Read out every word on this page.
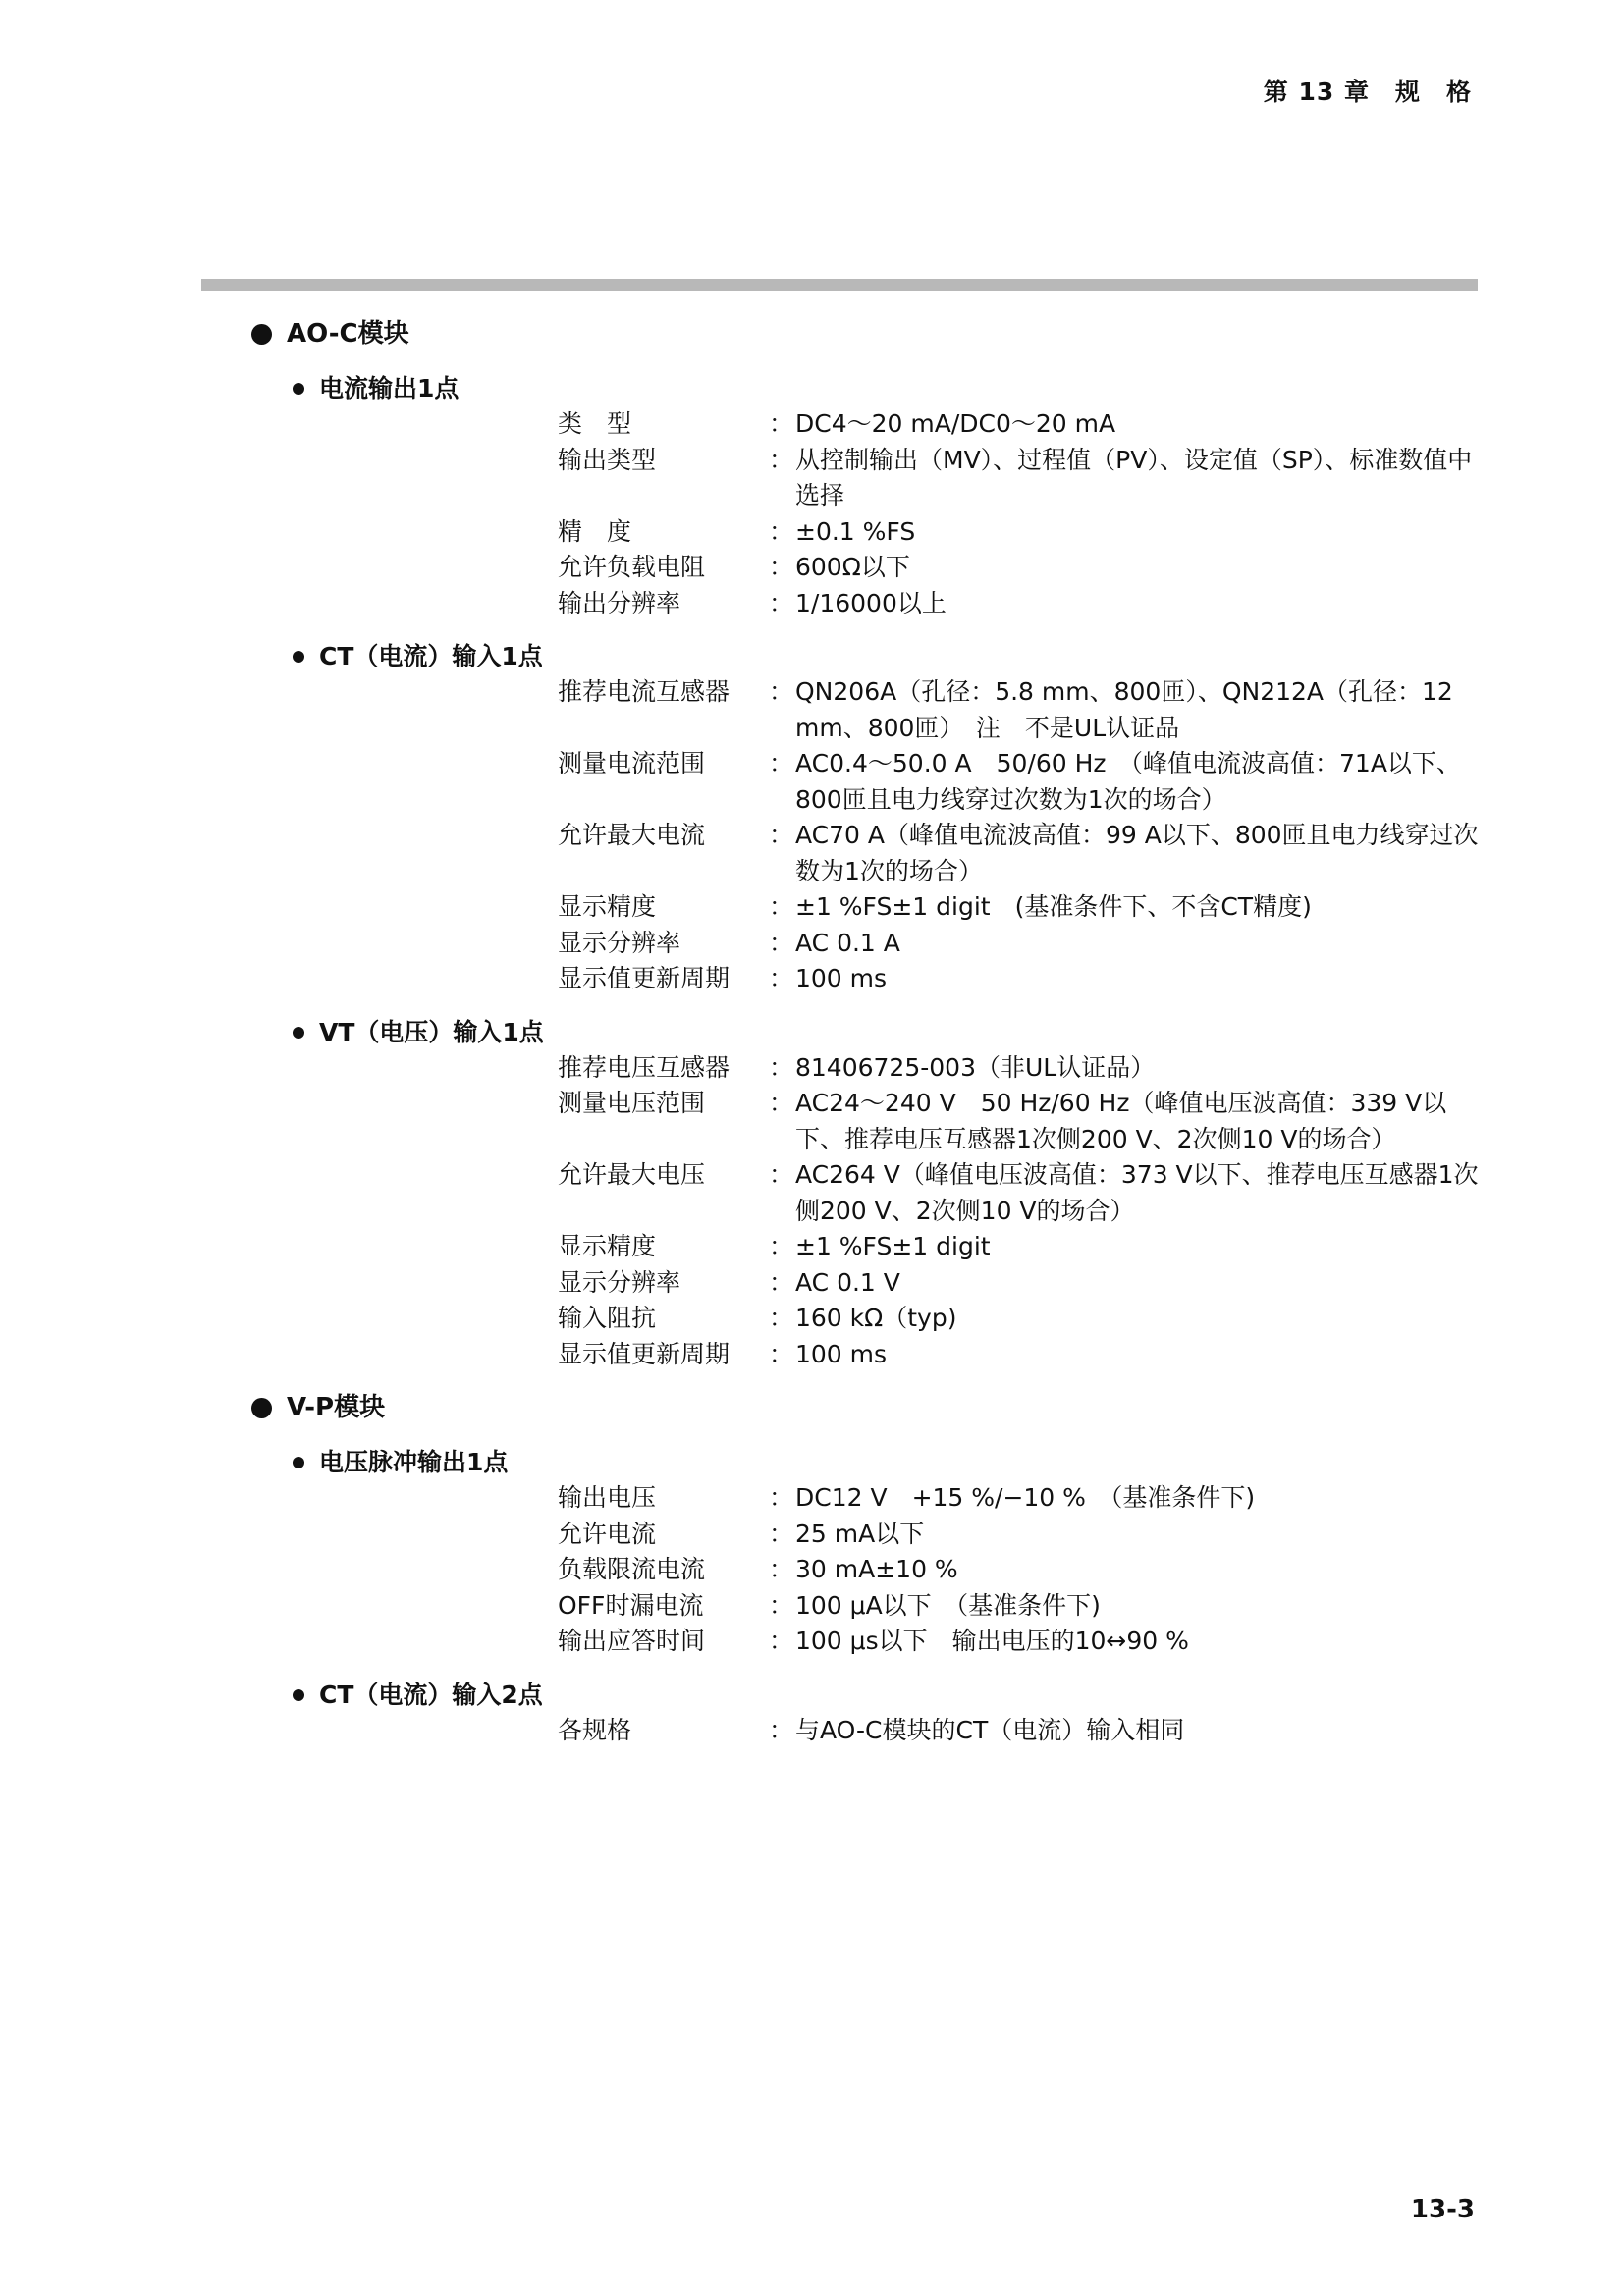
第 13 章　规　格
AO-C模块
电流输出1点
类　型	： DC4～20 mA/DC0～20 mA
输出类型	： 从控制输出（MV）、过程值（PV）、设定值（SP）、标准数值中选择
精　度	： ±0.1 %FS
允许负载电阻	： 600Ω以下
输出分辨率	： 1/16000以上
CT（电流）输入1点
推荐电流互感器 ： QN206A（孔径：5.8 mm、800匝）、QN212A（孔径：12 mm、800匝）　注　不是UL认证品
测量电流范围	： AC0.4～50.0 A　50/60 Hz　（峰值电流波高值：71A以下、800匝且电力线穿过次数为1次的场合）
允许最大电流	： AC70 A（峰值电流波高值：99 A以下、800匝且电力线穿过次数为1次的场合）
显示精度	： ±1 %FS±1 digit　(基准条件下、不含CT精度)
显示分辨率	： AC 0.1 A
显示值更新周期 ： 100 ms
VT（电压）输入1点
推荐电压互感器 ： 81406725-003（非UL认证品）
测量电压范围	： AC24～240 V　50 Hz/60 Hz（峰值电压波高值：339 V以下、推荐电压互感器1次侧200 V、2次侧10 V的场合）
允许最大电压	： AC264 V（峰值电压波高值：373 V以下、推荐电压互感器1次侧200 V、2次侧10 V的场合）
显示精度	： ±1 %FS±1 digit
显示分辨率	： AC 0.1 V
输入阻抗	： 160 kΩ（typ)
显示值更新周期 ： 100 ms
V-P模块
电压脉冲输出1点
输出电压	： DC12 V　+15 %/−10 %　（基准条件下)
允许电流	： 25 mA以下
负载限流电流	： 30 mA±10 %
OFF时漏电流	： 100 μA以下　（基准条件下)
输出应答时间	： 100 μs以下　输出电压的10↔90 %
CT（电流）输入2点
各规格	： 与AO-C模块的CT（电流）输入相同
13-3
